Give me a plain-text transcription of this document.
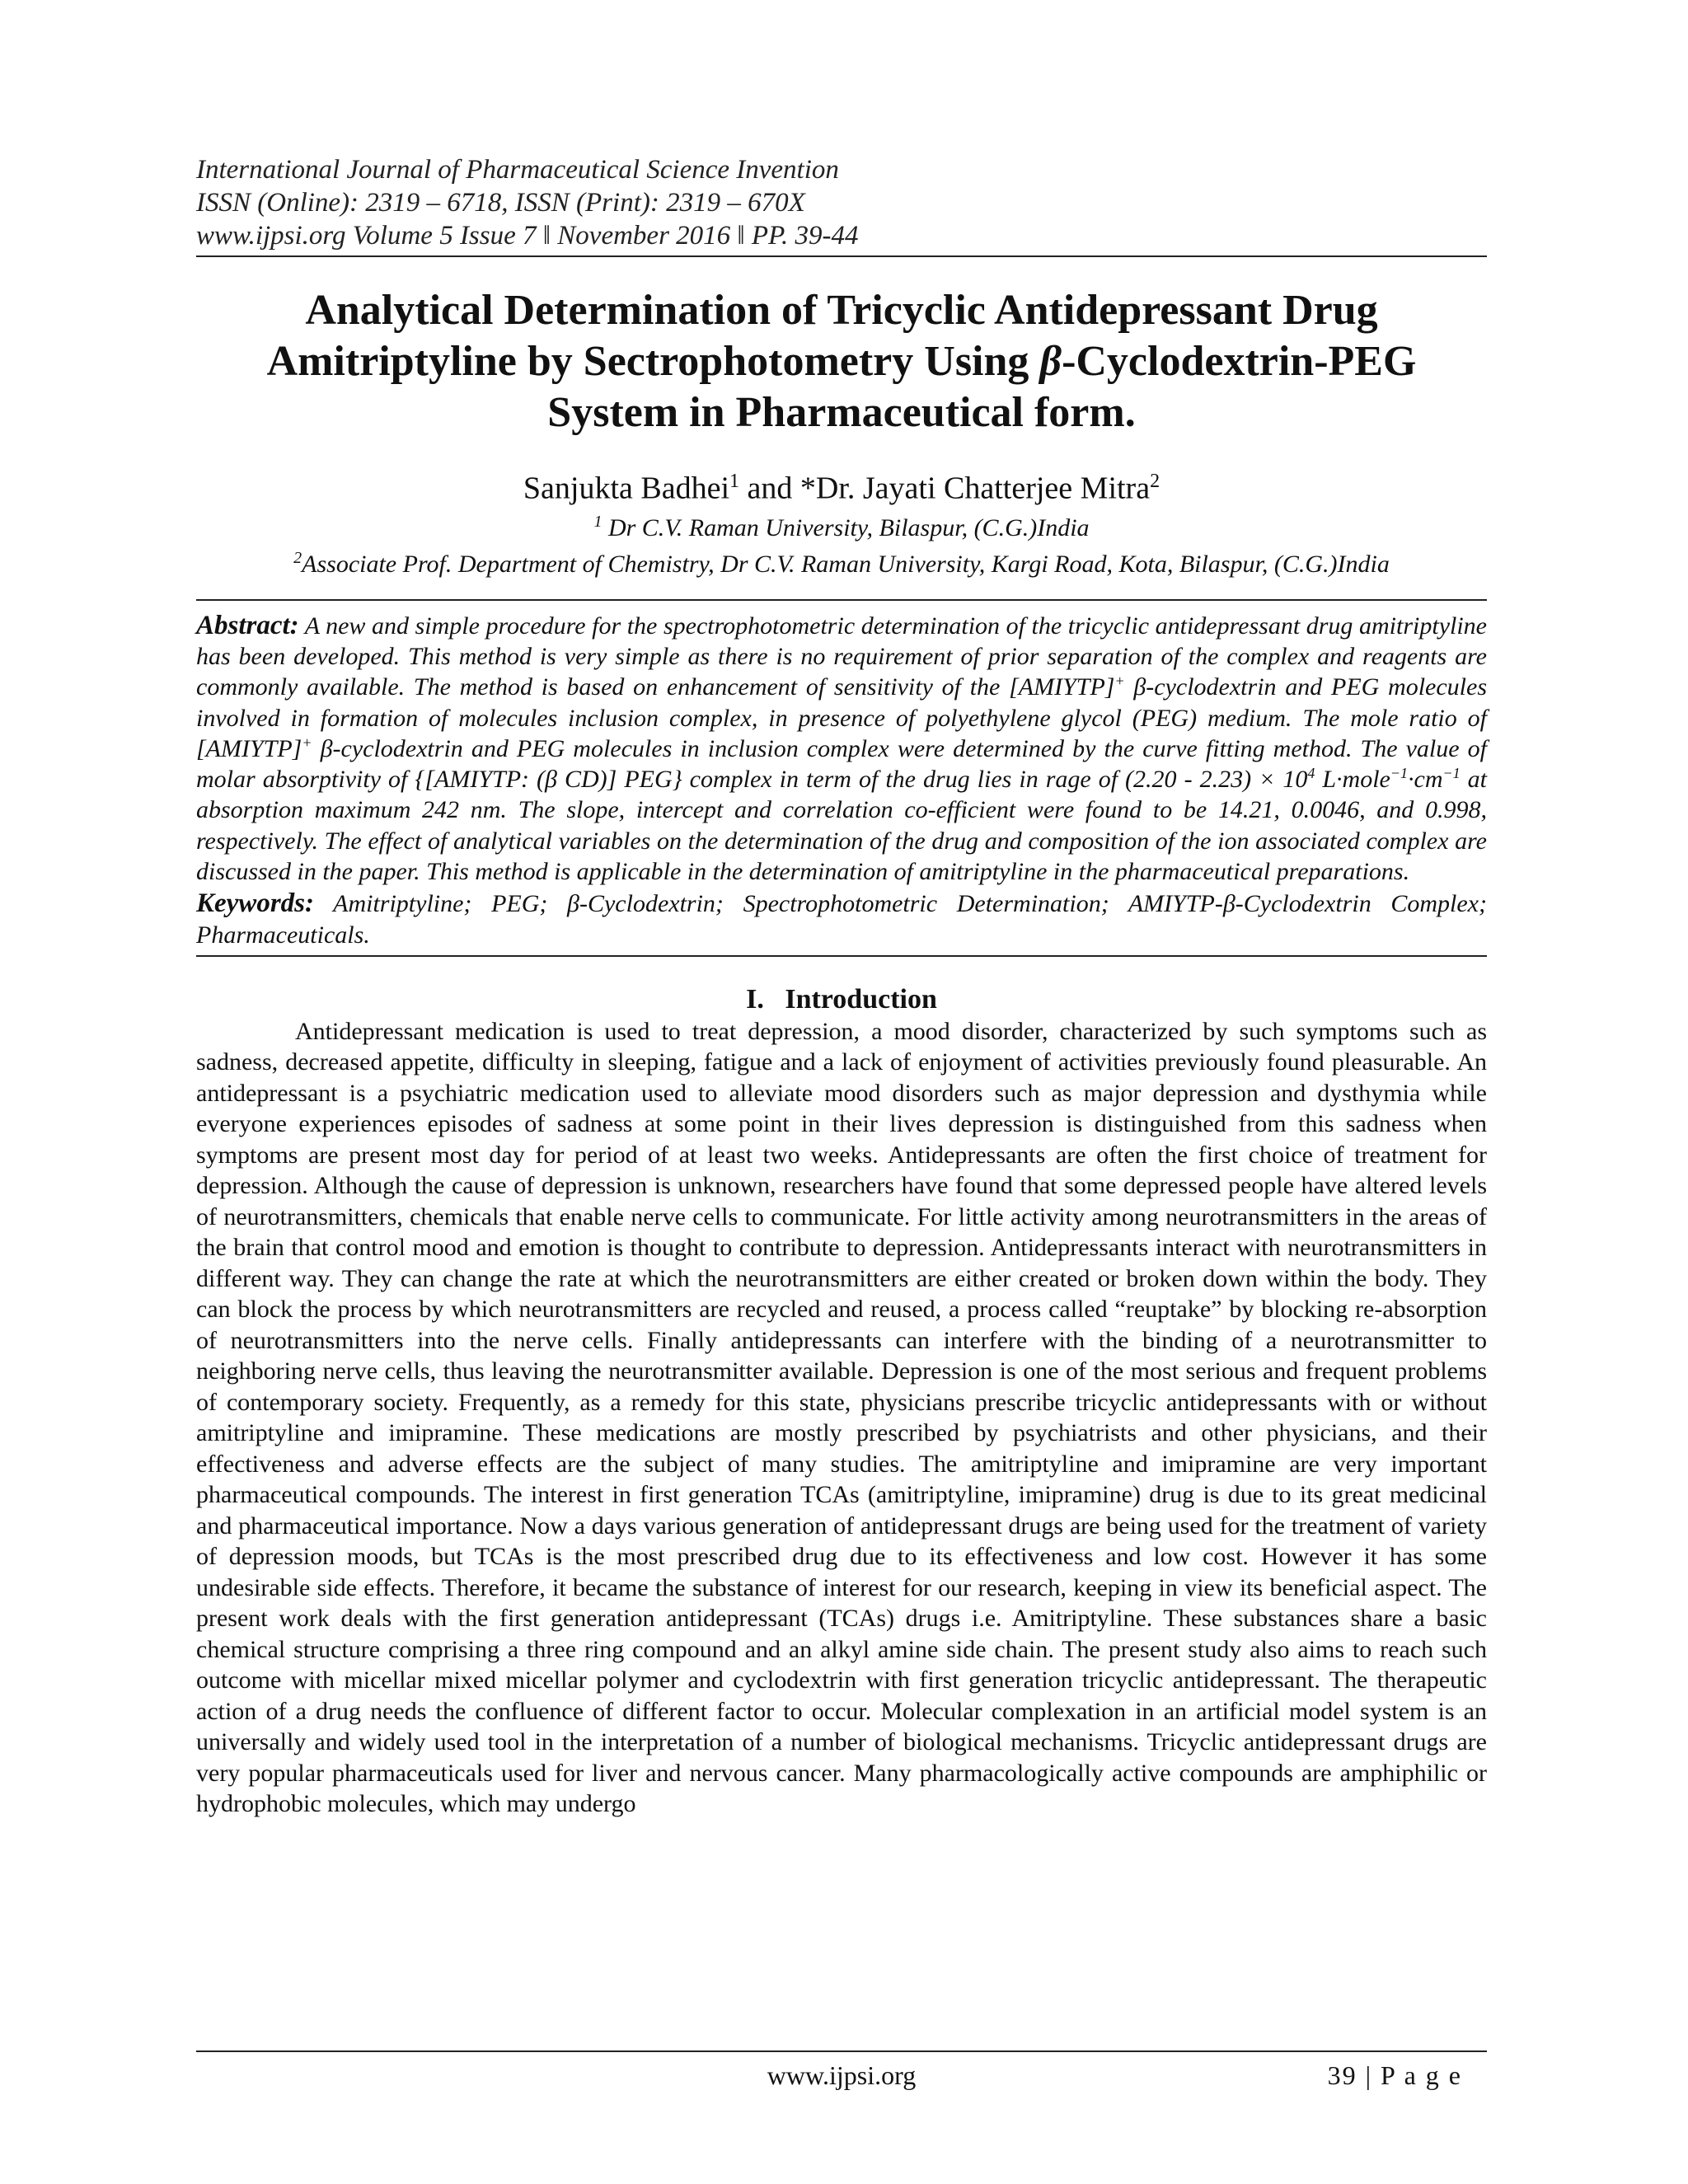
International Journal of Pharmaceutical Science Invention
ISSN (Online): 2319 – 6718, ISSN (Print): 2319 – 670X
www.ijpsi.org Volume 5 Issue 7 ǁ November 2016 ǁ PP. 39-44
Analytical Determination of Tricyclic Antidepressant Drug
Amitriptyline by Sectrophotometry Using β-Cyclodextrin-PEG
System in Pharmaceutical form.
Sanjukta Badhei$^1$ and *Dr. Jayati Chatterjee Mitra$^2$
$^1$ Dr C.V. Raman University, Bilaspur, (C.G.)India
$^2$Associate Prof. Department of Chemistry, Dr C.V. Raman University, Kargi Road, Kota, Bilaspur, (C.G.)India
Abstract: A new and simple procedure for the spectrophotometric determination of the tricyclic antidepressant drug amitriptyline has been developed. This method is very simple as there is no requirement of prior separation of the complex and reagents are commonly available. The method is based on enhancement of sensitivity of the [AMIYTP]+ β-cyclodextrin and PEG molecules involved in formation of molecules inclusion complex, in presence of polyethylene glycol (PEG) medium. The mole ratio of [AMIYTP]+ β-cyclodextrin and PEG molecules in inclusion complex were determined by the curve fitting method. The value of molar absorptivity of {[AMIYTP: (β CD)] PEG} complex in term of the drug lies in rage of $(2.20 - 2.23) \times 10^4$ $L\cdot mole^{-1}\cdot cm^{-1}$ at absorption maximum 242 nm. The slope, intercept and correlation co-efficient were found to be 14.21, 0.0046, and 0.998, respectively. The effect of analytical variables on the determination of the drug and composition of the ion associated complex are discussed in the paper. This method is applicable in the determination of amitriptyline in the pharmaceutical preparations.
Keywords: Amitriptyline; PEG; β-Cyclodextrin; Spectrophotometric Determination; AMIYTP-β-Cyclodextrin Complex; Pharmaceuticals.
I.   Introduction
Antidepressant medication is used to treat depression, a mood disorder, characterized by such symptoms such as sadness, decreased appetite, difficulty in sleeping, fatigue and a lack of enjoyment of activities previously found pleasurable. An antidepressant is a psychiatric medication used to alleviate mood disorders such as major depression and dysthymia while everyone experiences episodes of sadness at some point in their lives depression is distinguished from this sadness when symptoms are present most day for period of at least two weeks. Antidepressants are often the first choice of treatment for depression. Although the cause of depression is unknown, researchers have found that some depressed people have altered levels of neurotransmitters, chemicals that enable nerve cells to communicate. For little activity among neurotransmitters in the areas of the brain that control mood and emotion is thought to contribute to depression. Antidepressants interact with neurotransmitters in different way. They can change the rate at which the neurotransmitters are either created or broken down within the body. They can block the process by which neurotransmitters are recycled and reused, a process called “reuptake” by blocking re-absorption of neurotransmitters into the nerve cells. Finally antidepressants can interfere with the binding of a neurotransmitter to neighboring nerve cells, thus leaving the neurotransmitter available. Depression is one of the most serious and frequent problems of contemporary society. Frequently, as a remedy for this state, physicians prescribe tricyclic antidepressants with or without amitriptyline and imipramine. These medications are mostly prescribed by psychiatrists and other physicians, and their effectiveness and adverse effects are the subject of many studies. The amitriptyline and imipramine are very important pharmaceutical compounds. The interest in first generation TCAs (amitriptyline, imipramine) drug is due to its great medicinal and pharmaceutical importance. Now a days various generation of antidepressant drugs are being used for the treatment of variety of depression moods, but TCAs is the most prescribed drug due to its effectiveness and low cost. However it has some undesirable side effects. Therefore, it became the substance of interest for our research, keeping in view its beneficial aspect. The present work deals with the first generation antidepressant (TCAs) drugs i.e. Amitriptyline. These substances share a basic chemical structure comprising a three ring compound and an alkyl amine side chain. The present study also aims to reach such outcome with micellar mixed micellar polymer and cyclodextrin with first generation tricyclic antidepressant. The therapeutic action of a drug needs the confluence of different factor to occur. Molecular complexation in an artificial model system is an universally and widely used tool in the interpretation of a number of biological mechanisms. Tricyclic antidepressant drugs are very popular pharmaceuticals used for liver and nervous cancer. Many pharmacologically active compounds are amphiphilic or hydrophobic molecules, which may undergo
www.ijpsi.org	39 | P a g e
